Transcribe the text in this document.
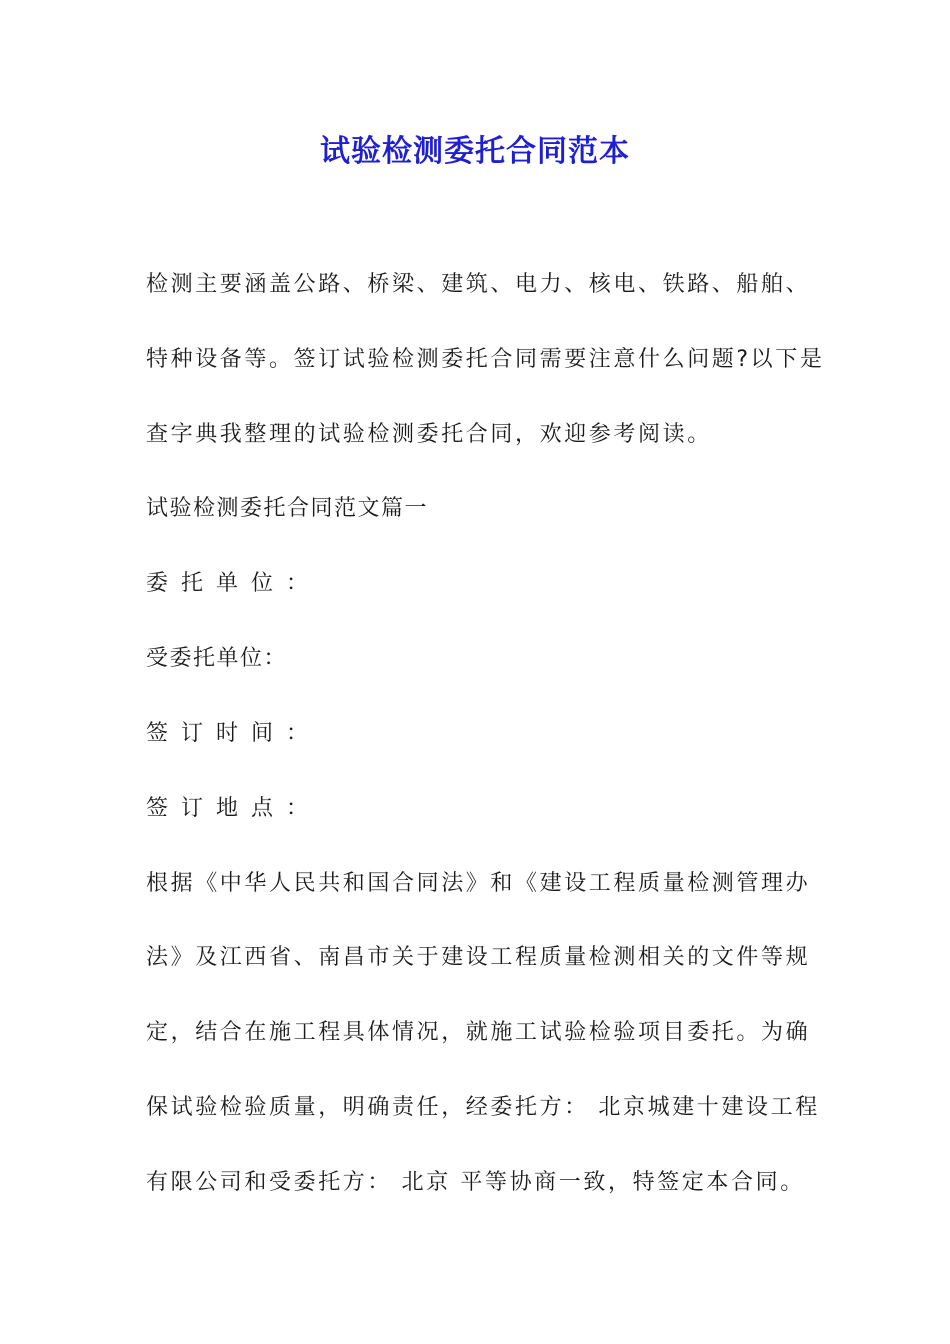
试验检测委托合同范本
检测主要涵盖公路、桥梁、建筑、电力、核电、铁路、船舶、
特种设备等。签订试验检测委托合同需要注意什么问题?以下是
查字典我整理的试验检测委托合同，欢迎参考阅读。
试验检测委托合同范文篇一
委托单位：
受委托单位：
签订时间：
签订地点：
根据《中华人民共和国合同法》和《建设工程质量检测管理办
法》及江西省、南昌市关于建设工程质量检测相关的文件等规
定，结合在施工程具体情况，就施工试验检验项目委托。为确
保试验检验质量，明确责任，经委托方： 北京城建十建设工程
有限公司和受委托方： 北京 平等协商一致，特签定本合同。
